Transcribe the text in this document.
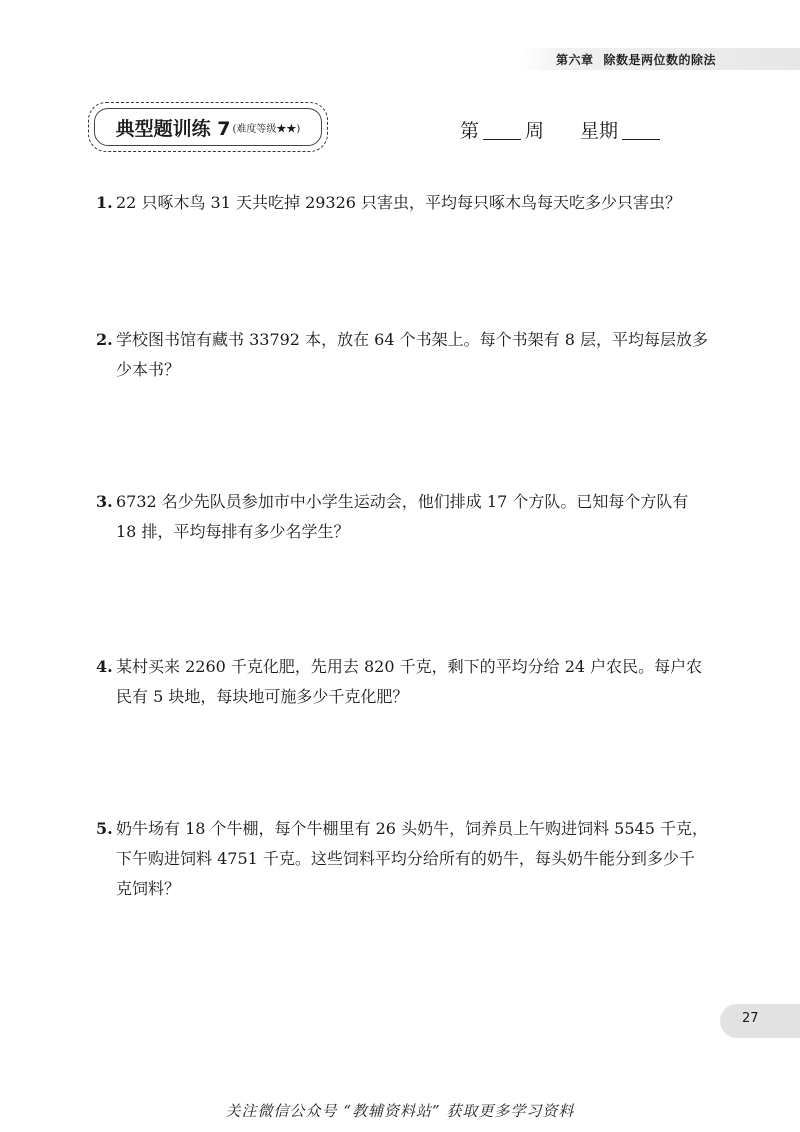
第六章 除数是两位数的除法
典型题训练 7 (难度等级★★)	第 周 星期
1. 22 只啄木鸟 31 天共吃掉 29326 只害虫，平均每只啄木鸟每天吃多少只害虫？
2. 学校图书馆有藏书 33792 本，放在 64 个书架上。每个书架有 8 层，平均每层放多少本书？
3. 6732 名少先队员参加市中小学生运动会，他们排成 17 个方队。已知每个方队有 18 排，平均每排有多少名学生？
4. 某村买来 2260 千克化肥，先用去 820 千克，剩下的平均分给 24 户农民。每户农民有 5 块地，每块地可施多少千克化肥？
5. 奶牛场有 18 个牛棚，每个牛棚里有 26 头奶牛，饲养员上午购进饲料 5545 千克，下午购进饲料 4751 千克。这些饲料平均分给所有的奶牛，每头奶牛能分到多少千克饲料？
27
关注微信公众号 “教辅资料站” 获取更多学习资料
